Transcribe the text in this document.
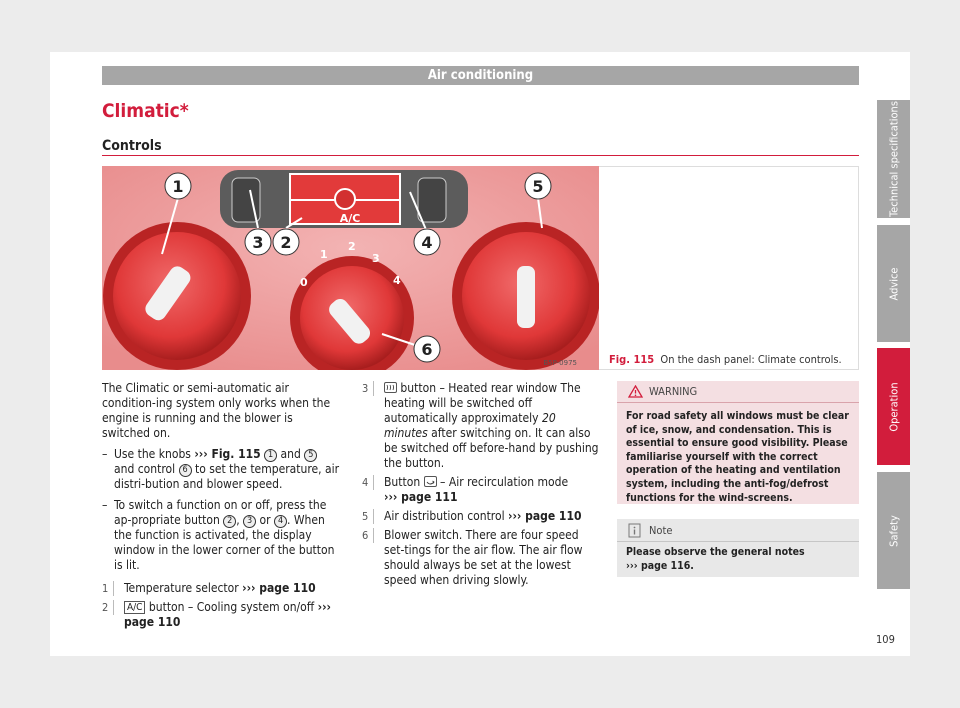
Air conditioning
Climatic*
Controls
A/C
0
1
2
3
4
1
3 2	4
5
6
B5P-0975	Fig. 115 On the dash panel: Climate controls.

The Climatic or semi-automatic air condition-ing system only works when the engine is running and the blower is switched on.

– Use the knobs ››› Fig. 115 1 and 5 and control 6 to set the temperature, air distri-bution and blower speed.
– To switch a function on or off, press the ap-propriate button 2 , 3 or 4 . When the function is activated, the display window in the lower corner of the button is lit.
1	Temperature selector ››› page 110
2	A/C button – Cooling system on/off ››› page 110
3	button – Heated rear window The heating will be switched off automatically approximately 20 minutes after switching on. It can also be switched off before-hand by pushing the button.
4	Button
– Air recirculation mode
››› page 111
5	Air distribution control ››› page 110
6	Blower switch. There are four speed set-tings for the air flow. The air flow should always be set at the lowest speed when driving slowly.
WARNING
For road safety all windows must be clear of ice, snow, and condensation. This is essential to ensure good visibility. Please familiarise yourself with the correct operation of the heating and ventilation system, including the anti-fog/defrost functions for the wind-screens.
Note
Please observe the general notes
››› page 116.
Technical specifications
Advice
Operation
Safety
109
